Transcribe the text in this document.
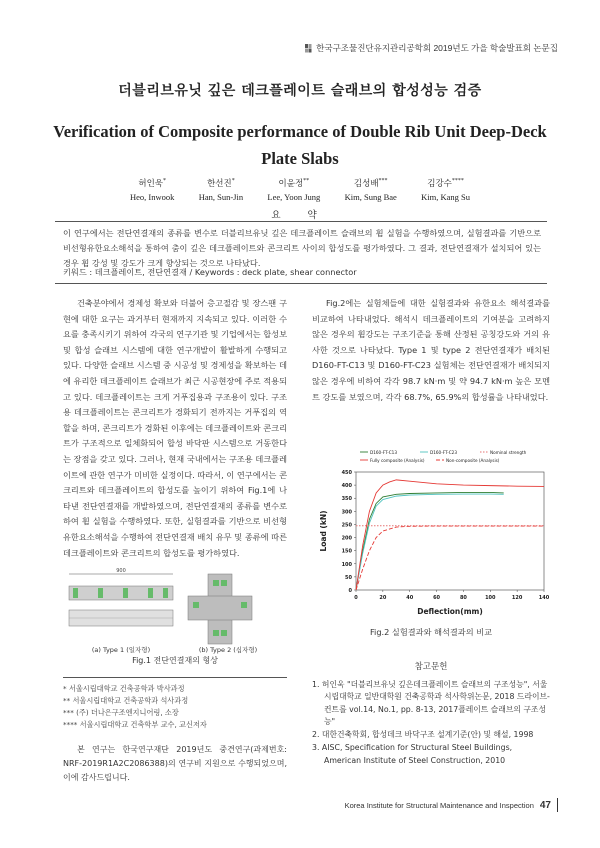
한국구조물진단유지관리공학회 2019년도 가을 학술발표회 논문집
더블리브유닛 깊은 데크플레이트 슬래브의 합성성능 검증
Verification of Composite performance of Double Rib Unit Deep-Deck Plate Slabs
허인욱*
Heo, Inwook
한선진*
Han, Sun-Jin
이윤정**
Lee, Yoon Jung
김성배***
Kim, Sung Bae
김강수****
Kim, Kang Su
요 약
이 연구에서는 전단연결재의 종류를 변수로 더블리브유닛 깊은 데크플레이트 슬래브의 휨 실험을 수행하였으며, 실험결과를 기반으로 비선형유한요소해석을 통하여 춤이 깊은 데크플레이트와 콘크리트 사이의 합성도를 평가하였다. 그 결과, 전단연결재가 설치되어 있는 경우 휨 강성 및 강도가 크게 향상되는 것으로 나타났다.
키워드 : 데크플레이트, 전단연결재 / Keywords : deck plate, shear connector
건축분야에서 경제성 확보와 더불어 층고절감 및 장스팬 구현에 대한 요구는 과거부터 현재까지 지속되고 있다. 이러한 수요를 충족시키기 위하여 각국의 연구기관 및 기업에서는 합성보 및 합성 슬래브 시스템에 대한 연구개발이 활발하게 수행되고 있다. 다양한 슬래브 시스템 중 시공성 및 경제성을 확보하는 데에 유리한 데크플레이트 슬래브가 최근 시공현장에 주로 적용되고 있다. 데크플레이트는 크게 거푸집용과 구조용이 있다. 구조용 데크플레이트는 콘크리트가 경화되기 전까지는 거푸집의 역할을 하며, 콘크리트가 경화된 이후에는 데크플레이트와 콘크리트가 구조적으로 일체화되어 합성 바닥판 시스템으로 거동한다는 장점을 갖고 있다. 그러나, 현재 국내에서는 구조용 데크플레이트에 관한 연구가 미비한 실정이다. 따라서, 이 연구에서는 콘크리트와 데크플레이트의 합성도를 높이기 위하여 Fig.1에 나타낸 전단연결재를 개발하였으며, 전단연결재의 종류를 변수로 하여 휨 실험을 수행하였다. 또한, 실험결과를 기반으로 비선형 유한요소해석을 수행하여 전단연결재 배치 유무 및 종류에 따른 데크플레이트와 콘크리트의 합성도를 평가하였다.
900
(a) Type 1 (일자형)	(b) Type 2 (십자형)
Fig.1 전단연결재의 형상
* 서울시립대학교 건축공학과 박사과정
** 서울시립대학교 건축공학과 석사과정
*** (주) 더나은구조엔지니어링, 소장
**** 서울시립대학교 건축학부 교수, 교신저자
본 연구는 한국연구재단 2019년도 중견연구(과제번호: NRF-2019R1A2C2086388)의 연구비 지원으로 수행되었으며, 이에 감사드립니다.
Fig.2에는 실험체들에 대한 실험결과와 유한요소 해석결과를 비교하여 나타내었다. 해석시 데크플레이트의 기여분을 고려하지 않은 경우의 휨강도는 구조기준을 통해 산정된 공칭강도와 거의 유사한 것으로 나타났다. Type 1 및 type 2 전단연결재가 배치된 D160-FT-C13 및 D160-FT-C23 실험체는 전단연결재가 배치되지 않은 경우에 비하여 각각 98.7 kN·m 및 약 94.7 kN·m 높은 모멘트 강도를 보였으며, 각각 68.7%, 65.9%의 합성률을 나타내었다.
0
50
100
150
200
250
300
350
400
450
0	20	40	60	80	100	120	140
Deflection(mm)
Load (kN)
D160-FT-C13	D160-FT-C23	Nominal strength
Fully composite (Analysis)	Non-composite (Analysis)
Fig.2 실험결과와 해석결과의 비교
참고문헌
1. 허인욱 "더블리브유닛 깊은데크플레이트 슬래브의 구조성능", 서울시립대학교 일반대학원 건축공학과 석사학위논문, 2018 드라이브-컨트롤 vol.14, No.1, pp. 8-13, 2017플레이트 슬래브의 구조성능"
2. 대한건축학회, 합성데크 바닥구조 설계기준(안) 및 해설, 1998
3. AISC, Specification for Structural Steel Buildings, American Institute of Steel Construction, 2010
Korea Institute for Structural Maintenance and Inspection 47
